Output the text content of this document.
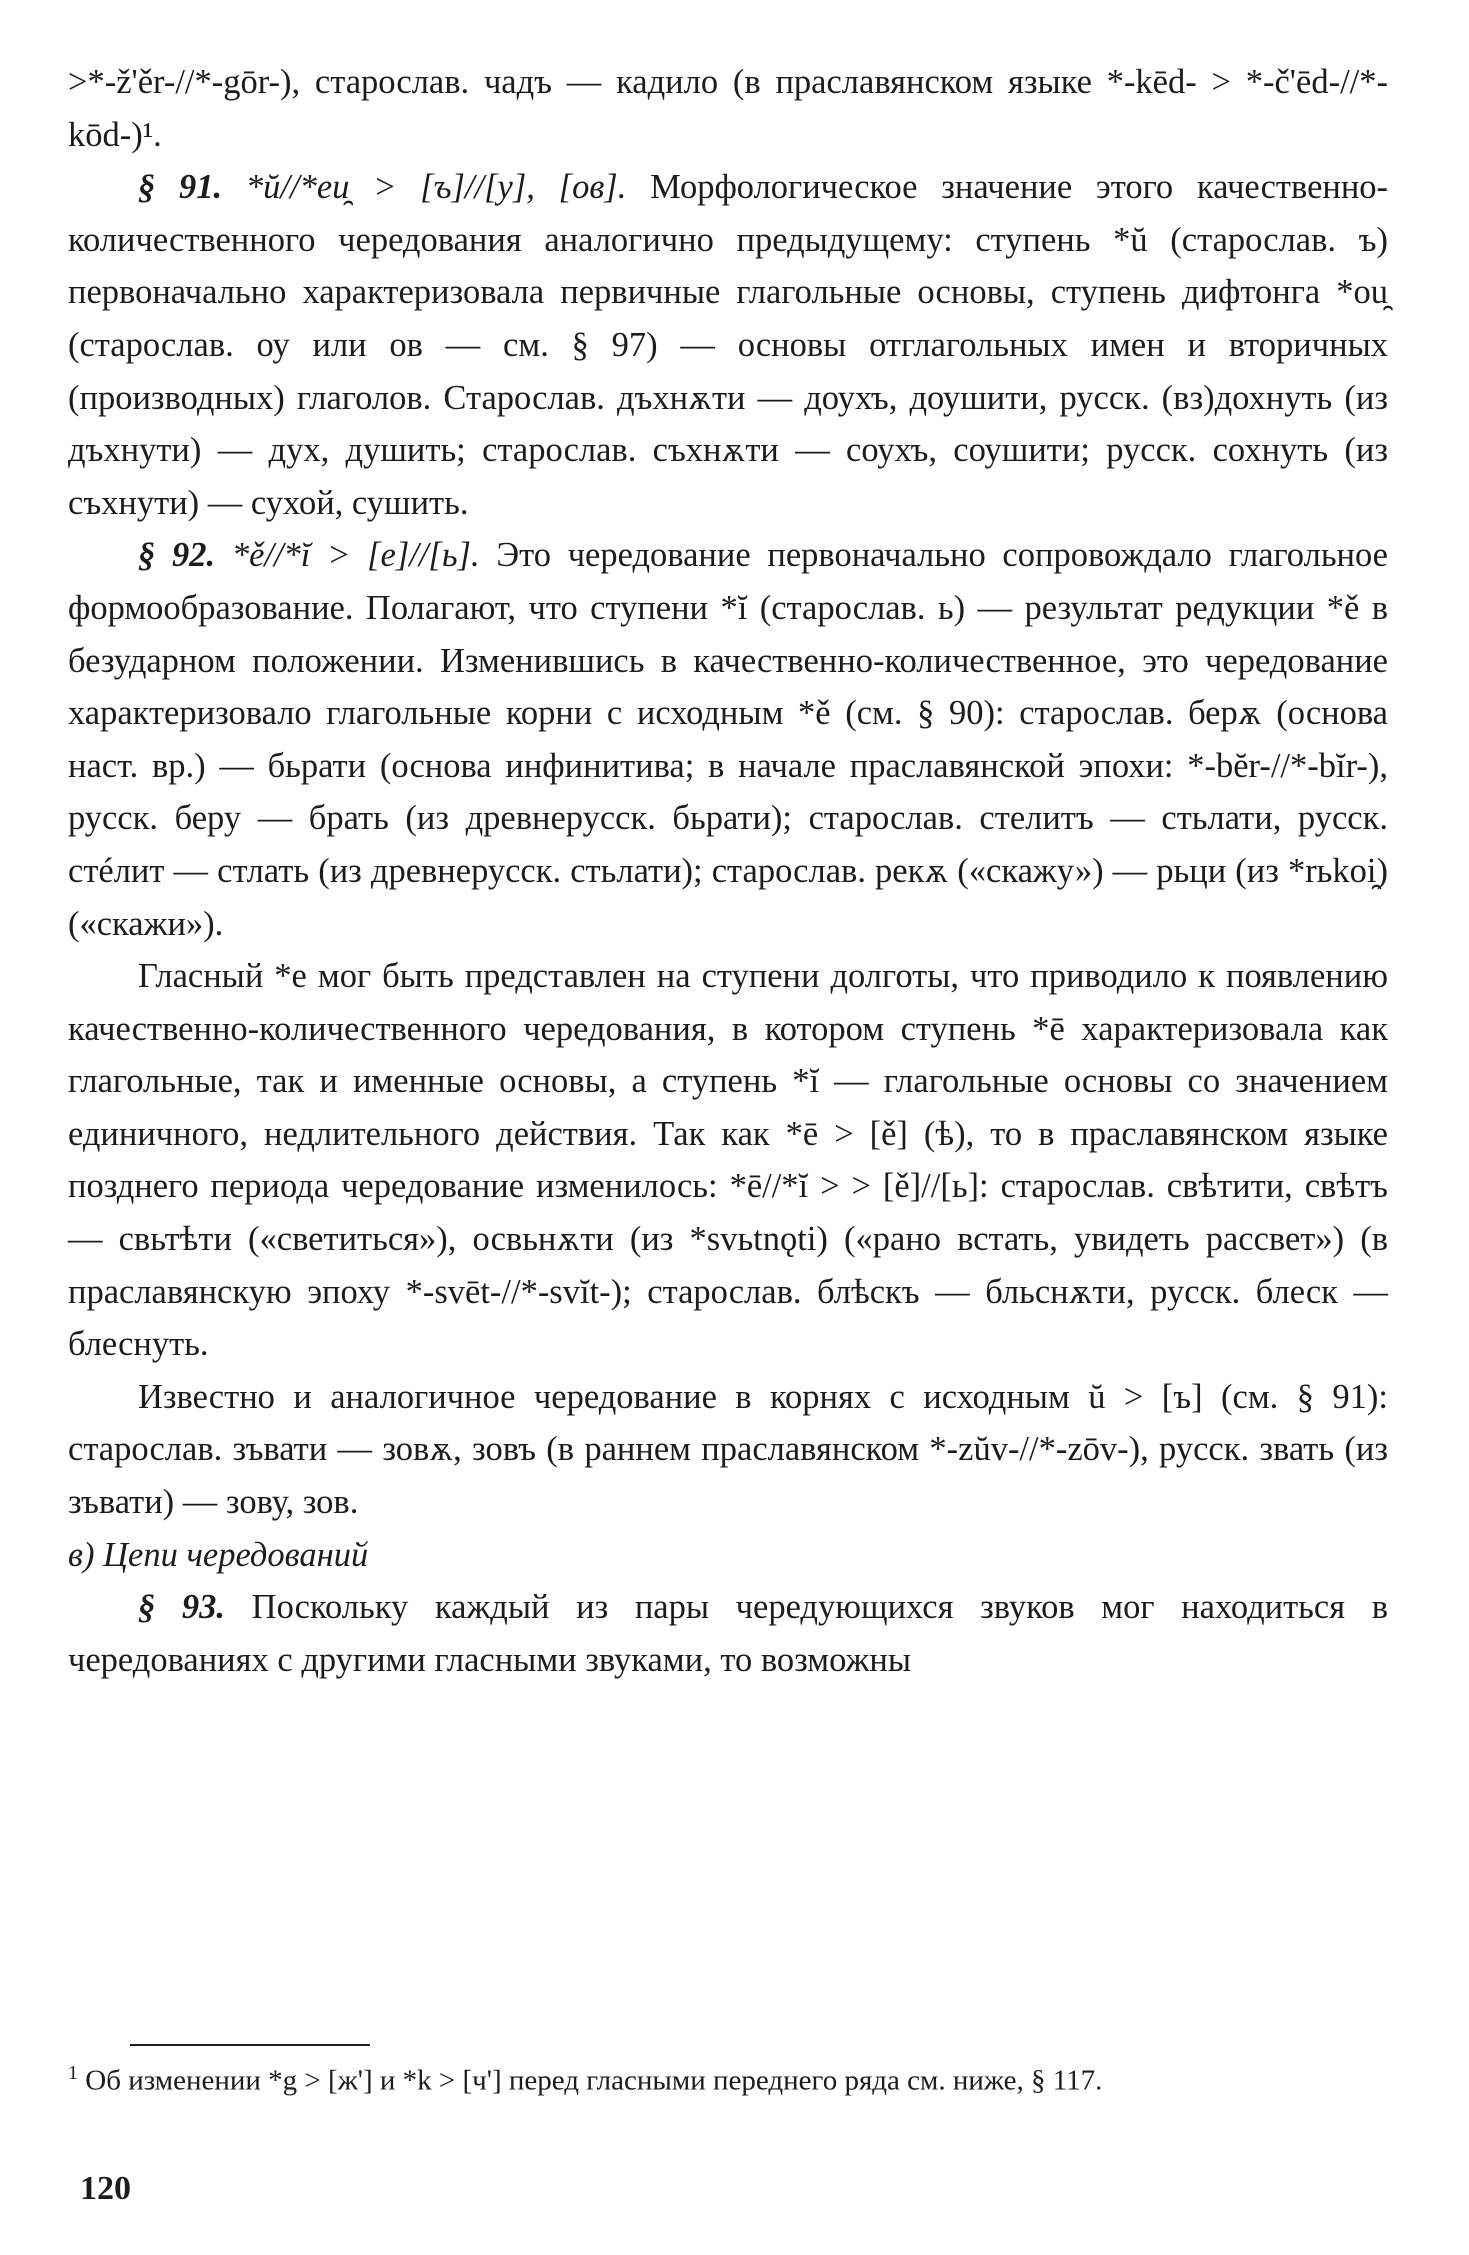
>*-ž'ěr-//*-gōr-), старослав. чадъ — кадило (в праславянском языке *-kēd- > *-č'ēd-//*-kōd-)¹.

§ 91. *ŭ//*eu̯ > [ъ]//[у], [ов]. Морфологическое значение этого качественно-количественного чередования аналогично предыдущему: ступень *ŭ (старослав. ъ) первоначально характеризовала первичные глагольные основы, ступень дифтонга *ou̯ (старослав. оу или ов — см. § 97) — основы отглагольных имен и вторичных (производных) глаголов. Старослав. дъхнѫти — доухъ, доушити, русск. (вз)дохнуть (из дъхнути) — дух, душить; старослав. съхнѫти — соухъ, соушити; русск. сохнуть (из съхнути) — сухой, сушить.

§ 92. *ě//*ĭ > [е]//[ь]. Это чередование первоначально сопровождало глагольное формообразование. Полагают, что ступени *ĭ (старослав. ь) — результат редукции *ě в безударном положении. Изменившись в качественно-количественное, это чередование характеризовало глагольные корни с исходным *ě (см. § 90): старослав. берѫ (основа наст. вр.) — бьрати (основа инфинитива; в начале праславянской эпохи: *-bĕr-//*-bĭr-), русск. беру — брать (из древнерусск. бьрати); старослав. стелитъ — стьлати, русск. стéлит — стлать (из древнерусск. стьлати); старослав. рекѫ («скажу») — рьци (из *rьkoi̯) («скажи»).

Гласный *е мог быть представлен на ступени долготы, что приводило к появлению качественно-количественного чередования, в котором ступень *ē характеризовала как глагольные, так и именные основы, а ступень *ĭ — глагольные основы со значением единичного, недлительного действия. Так как *ē > [ě] (ѣ), то в праславянском языке позднего периода чередование изменилось: *ē//*ĭ > > [ě]//[ь]: старослав. свѣтити, свѣтъ — свьтѣти («светиться»), освьнѫти (из *svьtnǫti) («рано встать, увидеть рассвет») (в праславянскую эпоху *-svēt-//*-svĭt-); старослав. блѣскъ — бльснѫти, русск. блеск — блеснуть.

Известно и аналогичное чередование в корнях с исходным ŭ > [ъ] (см. § 91): старослав. зъвати — зовѫ, зовъ (в раннем праславянском *-zŭv-//*-zōv-), русск. звать (из зъвати) — зову, зов.

в) Цепи чередований

§ 93. Поскольку каждый из пары чередующихся звуков мог находиться в чередованиях с другими гласными звуками, то возможны

$^1$ Об изменении *g > [ж'] и *k > [ч'] перед гласными переднего ряда см. ниже, § 117.
120
